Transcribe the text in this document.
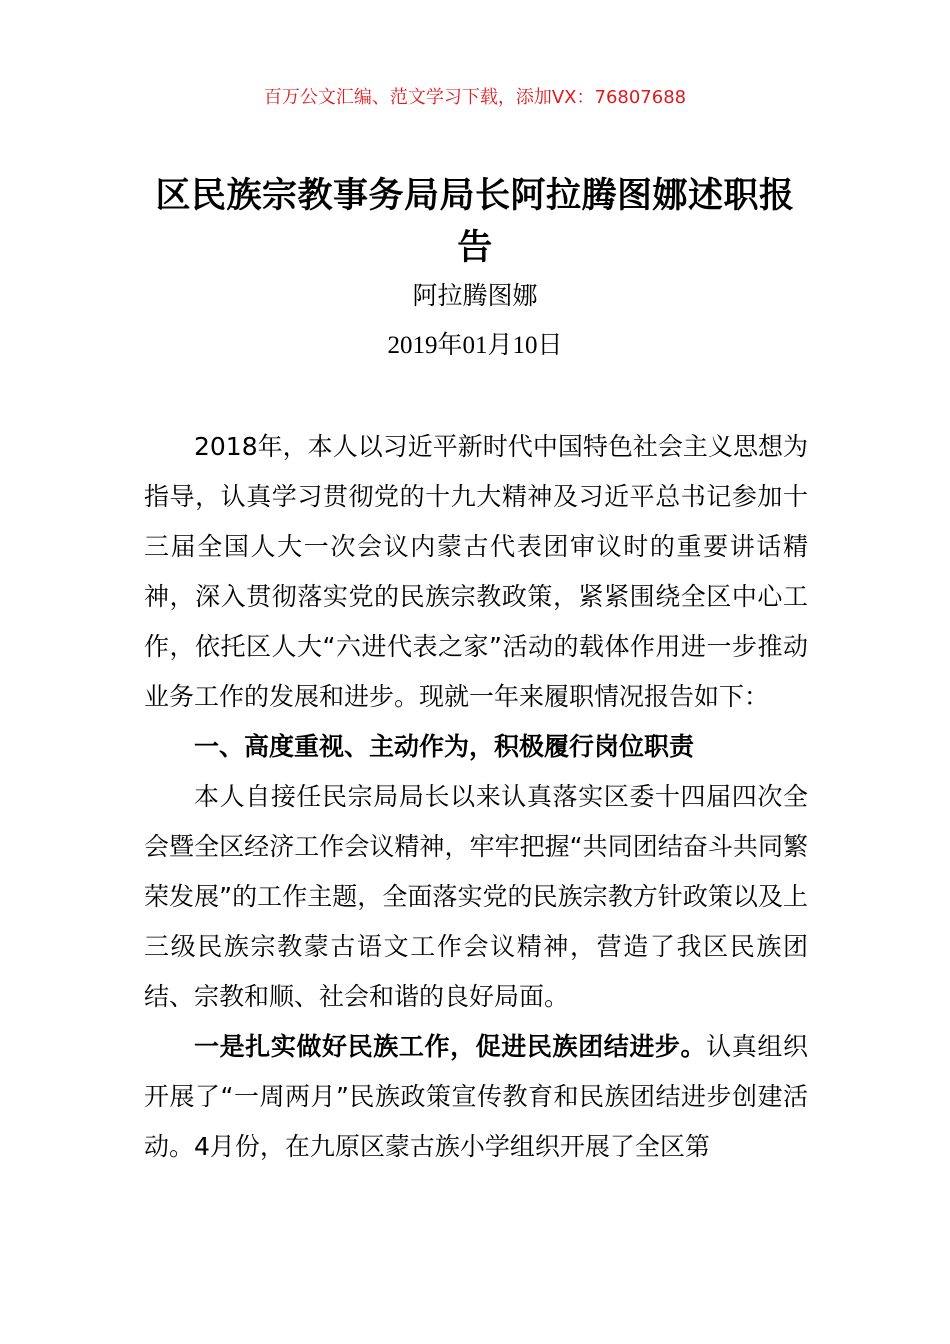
百万公文汇编、范文学习下载，添加VX：76807688
区民族宗教事务局局长阿拉腾图娜述职报告
阿拉腾图娜
2019年01月10日

2018年，本人以习近平新时代中国特色社会主义思想为指导，认真学习贯彻党的十九大精神及习近平总书记参加十三届全国人大一次会议内蒙古代表团审议时的重要讲话精神，深入贯彻落实党的民族宗教政策，紧紧围绕全区中心工作，依托区人大“六进代表之家”活动的载体作用进一步推动业务工作的发展和进步。现就一年来履职情况报告如下：

一、高度重视、主动作为，积极履行岗位职责

本人自接任民宗局局长以来认真落实区委十四届四次全会暨全区经济工作会议精神，牢牢把握“共同团结奋斗共同繁荣发展”的工作主题，全面落实党的民族宗教方针政策以及上三级民族宗教蒙古语文工作会议精神，营造了我区民族团结、宗教和顺、社会和谐的良好局面。

一是扎实做好民族工作，促进民族团结进步。认真组织开展了“一周两月”民族政策宣传教育和民族团结进步创建活动。4月份，在九原区蒙古族小学组织开展了全区第
